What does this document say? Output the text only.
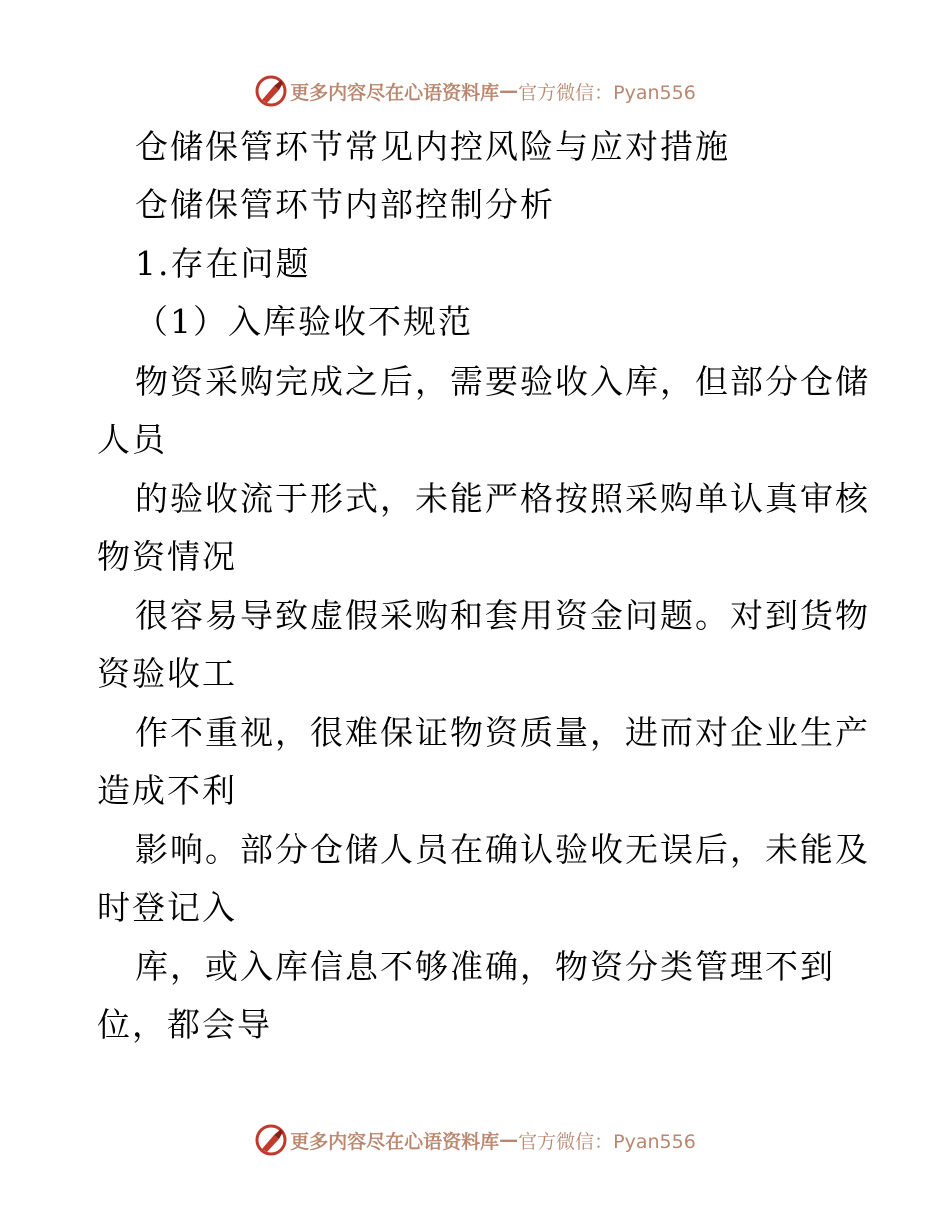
更多内容尽在心语资料库 — 官方微信：Pyan556
仓储保管环节常见内控风险与应对措施
仓储保管环节内部控制分析
1.存在问题
（1）入库验收不规范
物资采购完成之后，需要验收入库，但部分仓储
人员
的验收流于形式，未能严格按照采购单认真审核
物资情况
很容易导致虚假采购和套用资金问题。对到货物
资验收工
作不重视，很难保证物资质量，进而对企业生产
造成不利
影响。部分仓储人员在确认验收无误后，未能及
时登记入
库，或入库信息不够准确，物资分类管理不到
位，都会导
更多内容尽在心语资料库 — 官方微信：Pyan556
